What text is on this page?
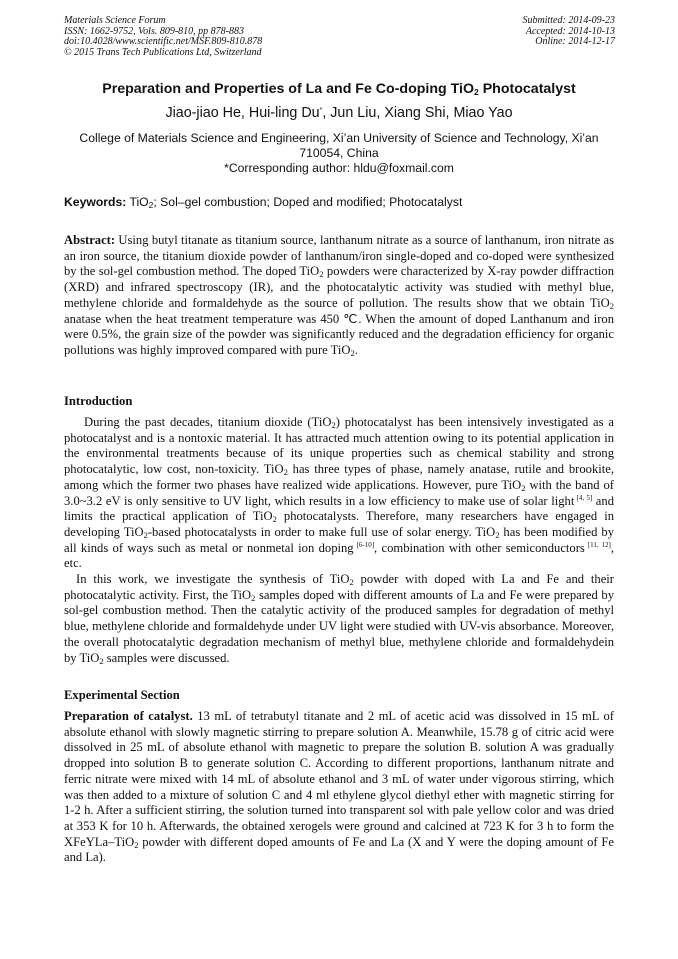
Materials Science Forum
ISSN: 1662-9752, Vols. 809-810, pp 878-883
doi:10.4028/www.scientific.net/MSF.809-810.878
© 2015 Trans Tech Publications Ltd, Switzerland
Submitted: 2014-09-23
Accepted: 2014-10-13
Online: 2014-12-17
Preparation and Properties of La and Fe Co-doping TiO$_2$ Photocatalyst
Jiao-jiao He, Hui-ling Du*, Jun Liu, Xiang Shi, Miao Yao
College of Materials Science and Engineering, Xi’an University of Science and Technology, Xi’an
710054, China
*Corresponding author: hldu@foxmail.com
Keywords: TiO$_2$; Sol–gel combustion; Doped and modified; Photocatalyst
Abstract: Using butyl titanate as titanium source, lanthanum nitrate as a source of lanthanum, iron nitrate as an iron source, the titanium dioxide powder of lanthanum/iron single-doped and co-doped were synthesized by the sol-gel combustion method. The doped TiO$_2$ powders were characterized by X-ray powder diffraction (XRD) and infrared spectroscopy (IR), and the photocatalytic activity was studied with methyl blue, methylene chloride and formaldehyde as the source of pollution. The results show that we obtain TiO$_2$ anatase when the heat treatment temperature was 450 ℃. When the amount of doped Lanthanum and iron were 0.5%, the grain size of the powder was significantly reduced and the degradation efficiency for organic pollutions was highly improved compared with pure TiO$_2$.
Introduction

During the past decades, titanium dioxide (TiO$_2$) photocatalyst has been intensively investigated as a photocatalyst and is a nontoxic material. It has attracted much attention owing to its potential application in the environmental treatments because of its unique properties such as chemical stability and strong photocatalytic, low cost, non-toxicity. TiO$_2$ has three types of phase, namely anatase, rutile and brookite, among which the former two phases have realized wide applications. However, pure TiO$_2$ with the band of 3.0~3.2 eV is only sensitive to UV light, which results in a low efficiency to make use of solar light [4, 5] and limits the practical application of TiO$_2$ photocatalysts. Therefore, many researchers have engaged in developing TiO$_2$-based photocatalysts in order to make full use of solar energy. TiO$_2$ has been modified by all kinds of ways such as metal or nonmetal ion doping [6-10], combination with other semiconductors [11, 12], etc.

In this work, we investigate the synthesis of TiO$_2$ powder with doped with La and Fe and their photocatalytic activity. First, the TiO$_2$ samples doped with different amounts of La and Fe were prepared by sol-gel combustion method. Then the catalytic activity of the produced samples for degradation of methyl blue, methylene chloride and formaldehyde under UV light were studied with UV-vis absorbance. Moreover, the overall photocatalytic degradation mechanism of methyl blue, methylene chloride and formaldehydein by TiO$_2$ samples were discussed.

Experimental Section
Preparation of catalyst. 13 mL of tetrabutyl titanate and 2 mL of acetic acid was dissolved in 15 mL of absolute ethanol with slowly magnetic stirring to prepare solution A. Meanwhile, 15.78 g of citric acid were dissolved in 25 mL of absolute ethanol with magnetic to prepare the solution B. solution A was gradually dropped into solution B to generate solution C. According to different proportions, lanthanum nitrate and ferric nitrate were mixed with 14 mL of absolute ethanol and 3 mL of water under vigorous stirring, which was then added to a mixture of solution C and 4 ml ethylene glycol diethyl ether with magnetic stirring for 1-2 h. After a sufficient stirring, the solution turned into transparent sol with pale yellow color and was dried at 353 K for 10 h. Afterwards, the obtained xerogels were ground and calcined at 723 K for 3 h to form the XFeYLa–TiO$_2$ powder with different doped amounts of Fe and La (X and Y were the doping amount of Fe and La).
